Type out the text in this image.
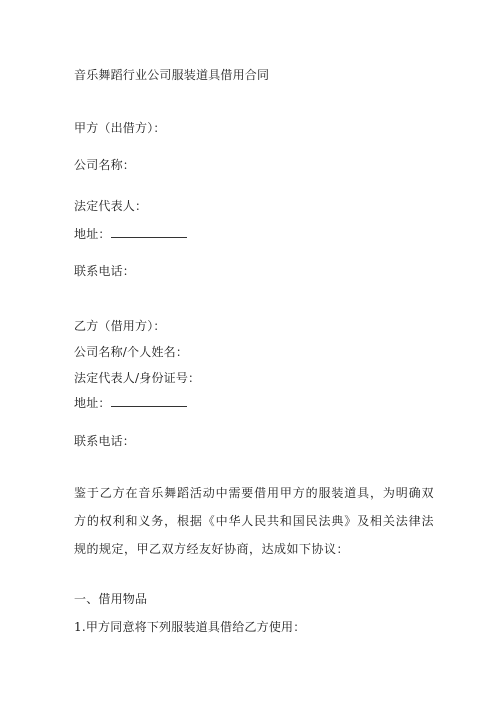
音乐舞蹈行业公司服装道具借用合同
甲方（出借方）：
公司名称：
法定代表人：
地址：
联系电话：
乙方（借用方）：
公司名称/个人姓名：
法定代表人/身份证号：
地址：
联系电话：
鉴于乙方在音乐舞蹈活动中需要借用甲方的服装道具，为明确双方的权利和义务，根据《中华人民共和国民法典》及相关法律法规的规定，甲乙双方经友好协商，达成如下协议：
一、借用物品
1.甲方同意将下列服装道具借给乙方使用：
